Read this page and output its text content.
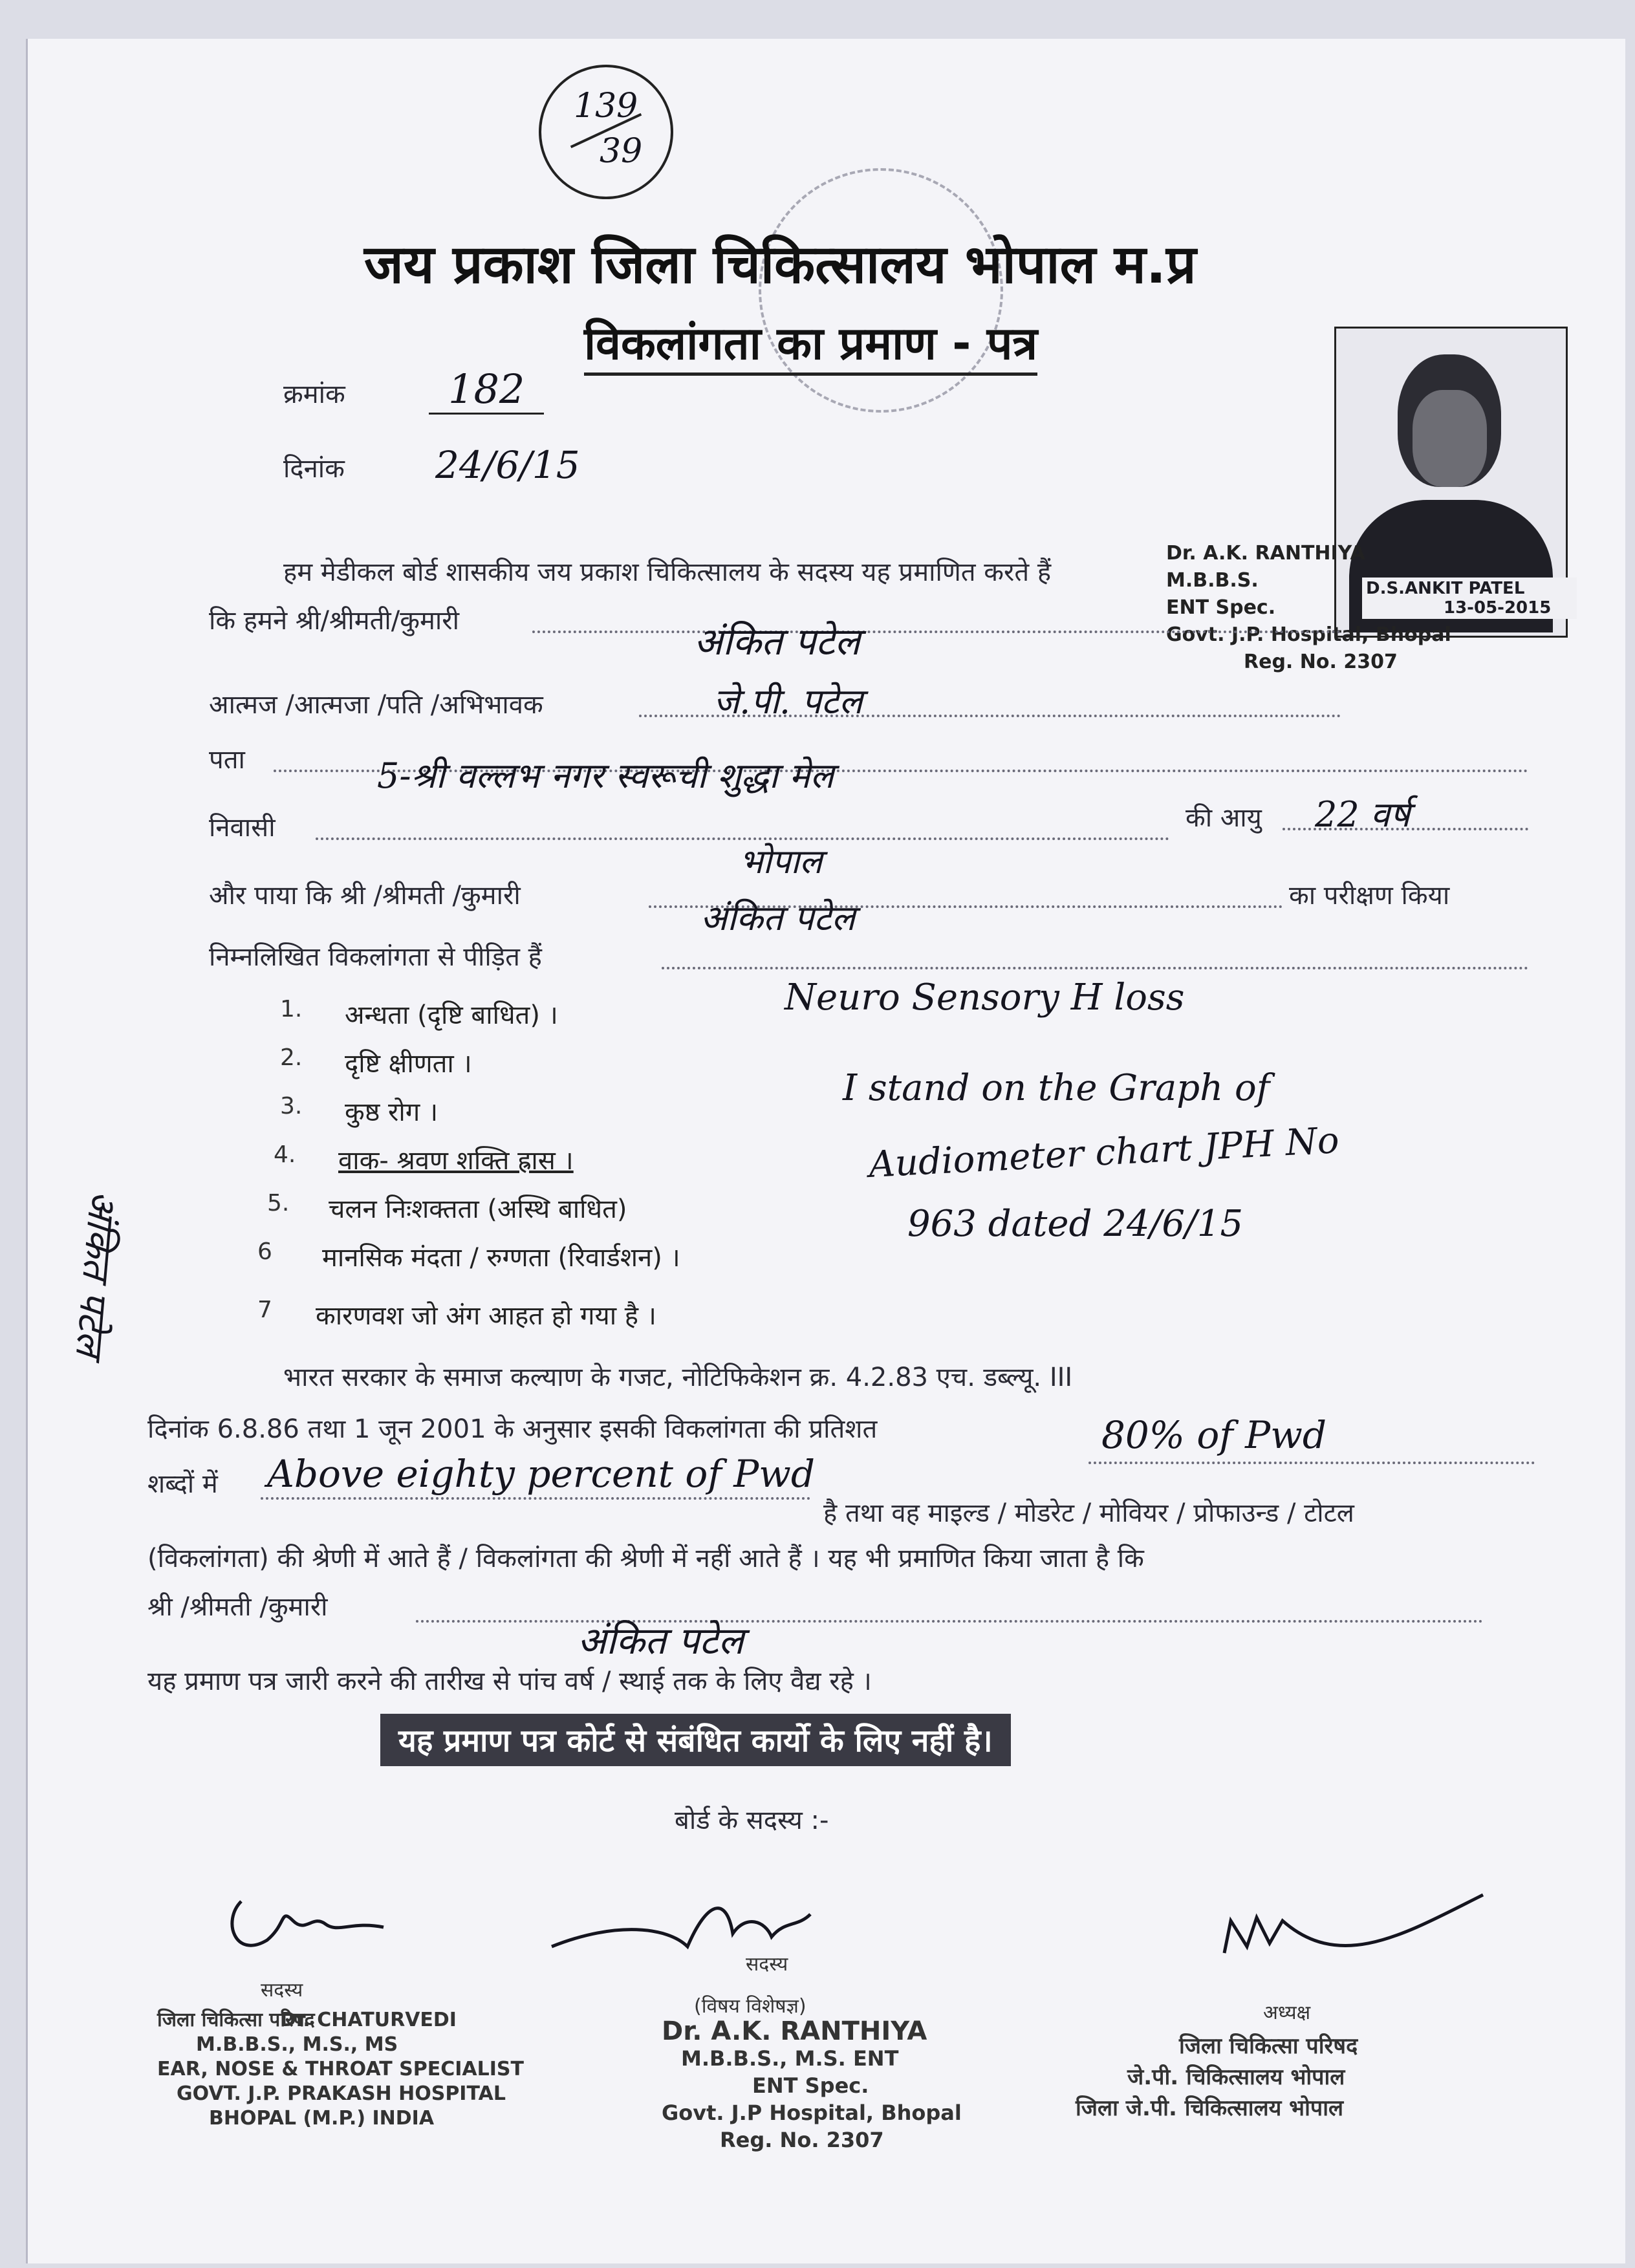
139
39
जय प्रकाश जिला चिकित्सालय भोपाल म.प्र
विकलांगता का प्रमाण - पत्र
D.S.ANKIT PATEL
13-05-2015
Dr. A.K. RANTHIYA
M.B.B.S.
ENT Spec.
Govt. J.P. Hospital, Bhopal
Reg. No. 2307
क्रमांक	182
दिनांक 24/6/15
हम मेडीकल बोर्ड शासकीय जय प्रकाश चिकित्सालय के सदस्य यह प्रमाणित करते हैं
कि हमने श्री/श्रीमती/कुमारी	अंकित पटेल
आत्मज /आत्मजा /पति /अभिभावक	जे.पी. पटेल
पता	5-श्री वल्लभ नगर स्वरूची शुद्धा मेल
निवासी	की आयु 22 वर्ष
भोपाल
और पाया कि श्री /श्रीमती /कुमारी	का परीक्षण किया
अंकित पटेल
निम्नलिखित विकलांगता से पीड़ित हैं
1. अन्धता (दृष्टि बाधित) ।
2. दृष्टि क्षीणता ।
3. कुष्ठ रोग ।
4. वाक- श्रवण शक्ति ह्रास ।
5. चलन निःशक्तता (अस्थि बाधित)
6 मानसिक मंदता / रुग्णता (रिवार्डशन) ।
7 कारणवश जो अंग आहत हो गया है ।
Neuro Sensory H loss
I stand on the Graph of
Audiometer chart JPH No
963 dated 24/6/15
अंकित पटेल
भारत सरकार के समाज कल्याण के गजट, नोटिफिकेशन क्र. 4.2.83 एच. डब्ल्यू. III
दिनांक 6.8.86 तथा 1 जून 2001 के अनुसार इसकी विकलांगता की प्रतिशत	80% of Pwd
शब्दों में Above eighty percent of Pwd
है तथा वह माइल्ड / मोडरेट / मोवियर / प्रोफाउन्ड / टोटल
(विकलांगता) की श्रेणी में आते हैं / विकलांगता की श्रेणी में नहीं आते हैं । यह भी प्रमाणित किया जाता है कि
श्री /श्रीमती /कुमारी
अंकित पटेल
यह प्रमाण पत्र जारी करने की तारीख से पांच वर्ष / स्थाई तक के लिए वैद्य रहे ।
यह प्रमाण पत्र कोर्ट से संबंधित कार्यो के लिए नहीं है।
बोर्ड के सदस्य :-
सदस्य
जिला चिकित्सा परिषद
Dr. CHATURVEDI
M.B.B.S., M.S., MS
EAR, NOSE & THROAT SPECIALIST
GOVT. J.P. PRAKASH HOSPITAL
BHOPAL (M.P.) INDIA
सदस्य
(विषय विशेषज्ञ)
Dr. A.K. RANTHIYA
M.B.B.S., M.S. ENT
ENT Spec.
Govt. J.P Hospital, Bhopal
Reg. No. 2307
अध्यक्ष
जिला चिकित्सा परिषद
जे.पी. चिकित्सालय भोपाल
जिला जे.पी. चिकित्सालय भोपाल
